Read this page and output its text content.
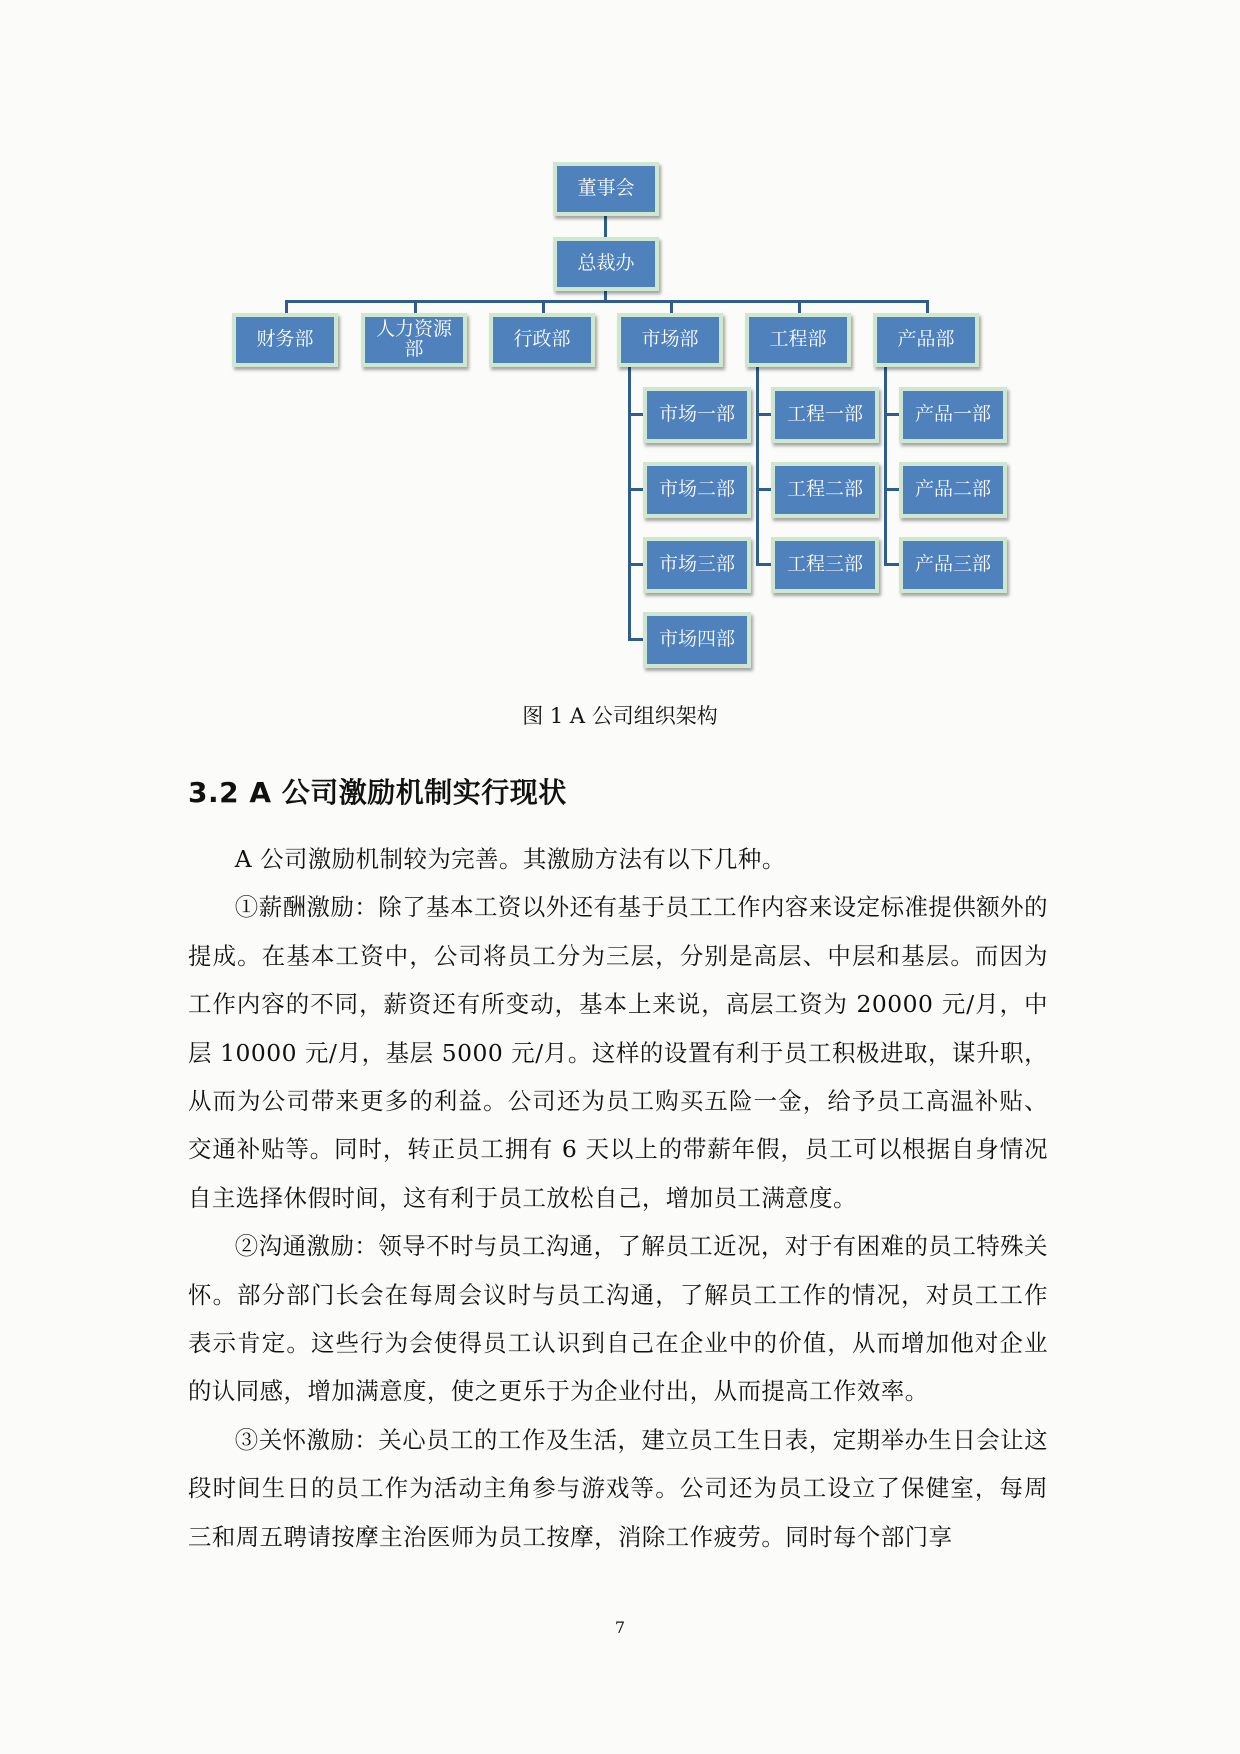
董事会
总裁办
财务部	人力资源部	行政部	市场部	工程部	产品部
市场一部
市场二部
市场三部
市场四部
工程一部
工程二部
工程三部
产品一部
产品二部
产品三部
图 1 A 公司组织架构
3.2 A 公司激励机制实行现状

A 公司激励机制较为完善。其激励方法有以下几种。

①薪酬激励：除了基本工资以外还有基于员工工作内容来设定标准提供额外的提成。在基本工资中，公司将员工分为三层，分别是高层、中层和基层。而因为工作内容的不同，薪资还有所变动，基本上来说，高层工资为 20000 元/月，中层 10000 元/月，基层 5000 元/月。这样的设置有利于员工积极进取，谋升职，从而为公司带来更多的利益。公司还为员工购买五险一金，给予员工高温补贴、交通补贴等。同时，转正员工拥有 6 天以上的带薪年假，员工可以根据自身情况自主选择休假时间，这有利于员工放松自己，增加员工满意度。

②沟通激励：领导不时与员工沟通，了解员工近况，对于有困难的员工特殊关怀。部分部门长会在每周会议时与员工沟通，了解员工工作的情况，对员工工作表示肯定。这些行为会使得员工认识到自己在企业中的价值，从而增加他对企业的认同感，增加满意度，使之更乐于为企业付出，从而提高工作效率。

③关怀激励：关心员工的工作及生活，建立员工生日表，定期举办生日会让这段时间生日的员工作为活动主角参与游戏等。公司还为员工设立了保健室，每周三和周五聘请按摩主治医师为员工按摩，消除工作疲劳。同时每个部门享

7
